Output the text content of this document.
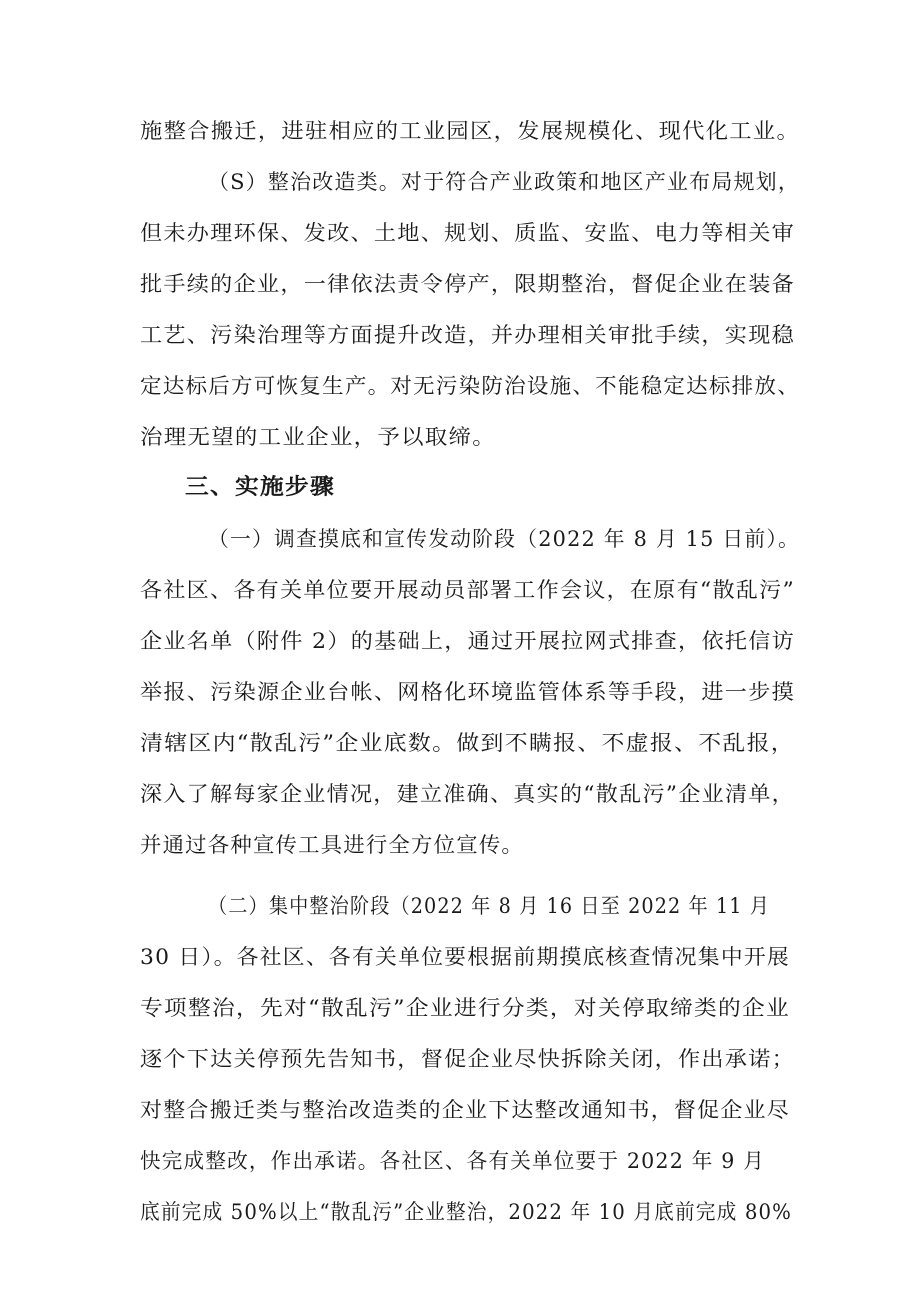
施整合搬迁，进驻相应的工业园区，发展规模化、现代化工业。
（S）整治改造类。对于符合产业政策和地区产业布局规划，
但未办理环保、发改、土地、规划、质监、安监、电力等相关审
批手续的企业，一律依法责令停产，限期整治，督促企业在装备
工艺、污染治理等方面提升改造，并办理相关审批手续，实现稳
定达标后方可恢复生产。对无污染防治设施、不能稳定达标排放、
治理无望的工业企业，予以取缔。
三、实施步骤
（一）调查摸底和宣传发动阶段（2022 年 8 月 15 日前）。
各社区、各有关单位要开展动员部署工作会议，在原有“散乱污”
企业名单（附件 2）的基础上，通过开展拉网式排查，依托信访
举报、污染源企业台帐、网格化环境监管体系等手段，进一步摸
清辖区内“散乱污”企业底数。做到不瞒报、不虚报、不乱报，
深入了解每家企业情况，建立准确、真实的“散乱污”企业清单，
并通过各种宣传工具进行全方位宣传。
（二）集中整治阶段（2022 年 8 月 16 日至 2022 年 11 月
30 日）。各社区、各有关单位要根据前期摸底核查情况集中开展
专项整治，先对“散乱污”企业进行分类，对关停取缔类的企业
逐个下达关停预先告知书，督促企业尽快拆除关闭，作出承诺；
对整合搬迁类与整治改造类的企业下达整改通知书，督促企业尽
快完成整改，作出承诺。各社区、各有关单位要于 2022 年 9 月
底前完成 50%以上“散乱污”企业整治，2022 年 10 月底前完成 80%
